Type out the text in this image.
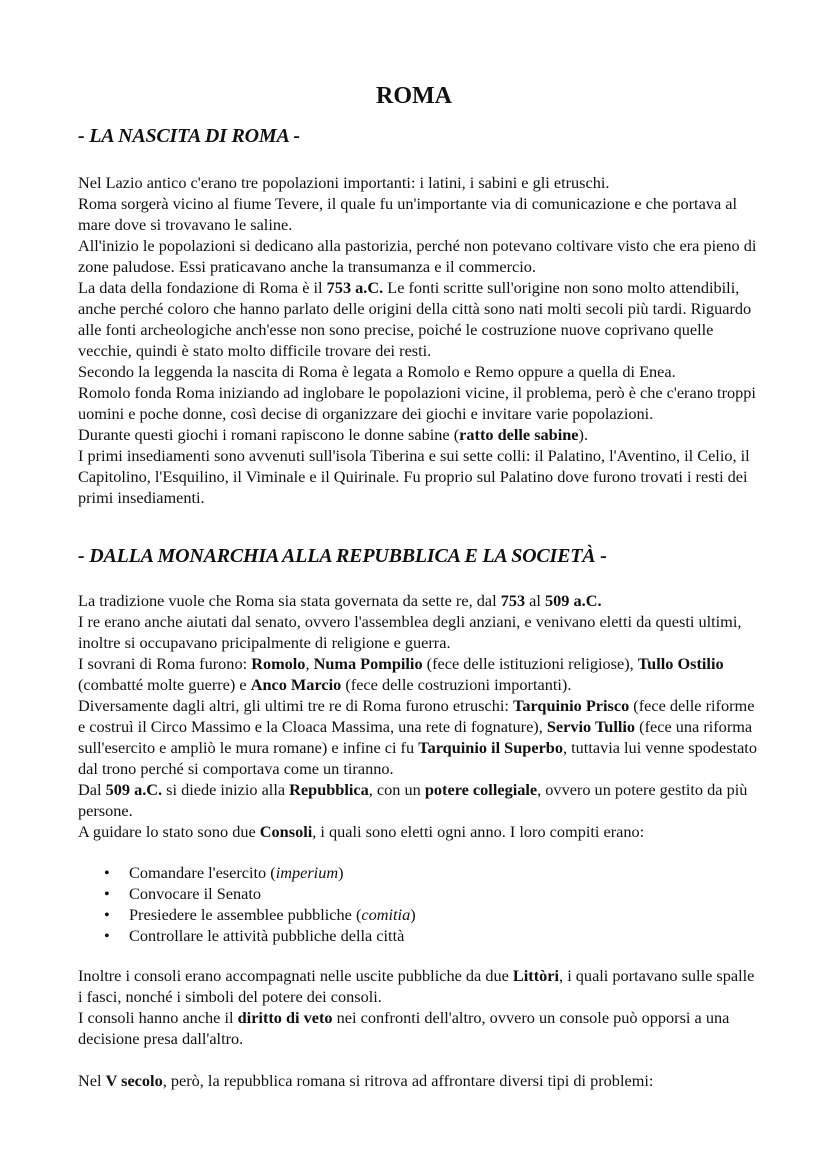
ROMA
- LA NASCITA DI ROMA -

Nel Lazio antico c'erano tre popolazioni importanti: i latini, i sabini e gli etruschi.

Roma sorgerà vicino al fiume Tevere, il quale fu un'importante via di comunicazione e che portava al mare dove si trovavano le saline.

All'inizio le popolazioni si dedicano alla pastorizia, perché non potevano coltivare visto che era pieno di zone paludose. Essi praticavano anche la transumanza e il commercio.

La data della fondazione di Roma è il 753 a.C. Le fonti scritte sull'origine non sono molto attendibili, anche perché coloro che hanno parlato delle origini della città sono nati molti secoli più tardi. Riguardo alle fonti archeologiche anch'esse non sono precise, poiché le costruzione nuove coprivano quelle vecchie, quindi è stato molto difficile trovare dei resti.

Secondo la leggenda la nascita di Roma è legata a Romolo e Remo oppure a quella di Enea.

Romolo fonda Roma iniziando ad inglobare le popolazioni vicine, il problema, però è che c'erano troppi uomini e poche donne, così decise di organizzare dei giochi e invitare varie popolazioni.

Durante questi giochi i romani rapiscono le donne sabine (ratto delle sabine).

I primi insediamenti sono avvenuti sull'isola Tiberina e sui sette colli: il Palatino, l'Aventino, il Celio, il Capitolino, l'Esquilino, il Viminale e il Quirinale. Fu proprio sul Palatino dove furono trovati i resti dei primi insediamenti.

- DALLA MONARCHIA ALLA REPUBBLICA E LA SOCIETÀ -

La tradizione vuole che Roma sia stata governata da sette re, dal 753 al 509 a.C.

I re erano anche aiutati dal senato, ovvero l'assemblea degli anziani, e venivano eletti da questi ultimi, inoltre si occupavano pricipalmente di religione e guerra.

I sovrani di Roma furono: Romolo, Numa Pompilio (fece delle istituzioni religiose), Tullo Ostilio (combatté molte guerre) e Anco Marcio (fece delle costruzioni importanti).

Diversamente dagli altri, gli ultimi tre re di Roma furono etruschi: Tarquinio Prisco (fece delle riforme e costruì il Circo Massimo e la Cloaca Massima, una rete di fognature), Servio Tullio (fece una riforma sull'esercito e ampliò le mura romane) e infine ci fu Tarquinio il Superbo, tuttavia lui venne spodestato dal trono perché si comportava come un tiranno.

Dal 509 a.C. si diede inizio alla Repubblica, con un potere collegiale, ovvero un potere gestito da più persone.

A guidare lo stato sono due Consoli, i quali sono eletti ogni anno. I loro compiti erano:

• Comandare l'esercito (imperium)
• Convocare il Senato
• Presiedere le assemblee pubbliche (comitia)
• Controllare le attività pubbliche della città

Inoltre i consoli erano accompagnati nelle uscite pubbliche da due Littòri, i quali portavano sulle spalle i fasci, nonché i simboli del potere dei consoli.

I consoli hanno anche il diritto di veto nei confronti dell'altro, ovvero un console può opporsi a una decisione presa dall'altro.

Nel V secolo, però, la repubblica romana si ritrova ad affrontare diversi tipi di problemi:
